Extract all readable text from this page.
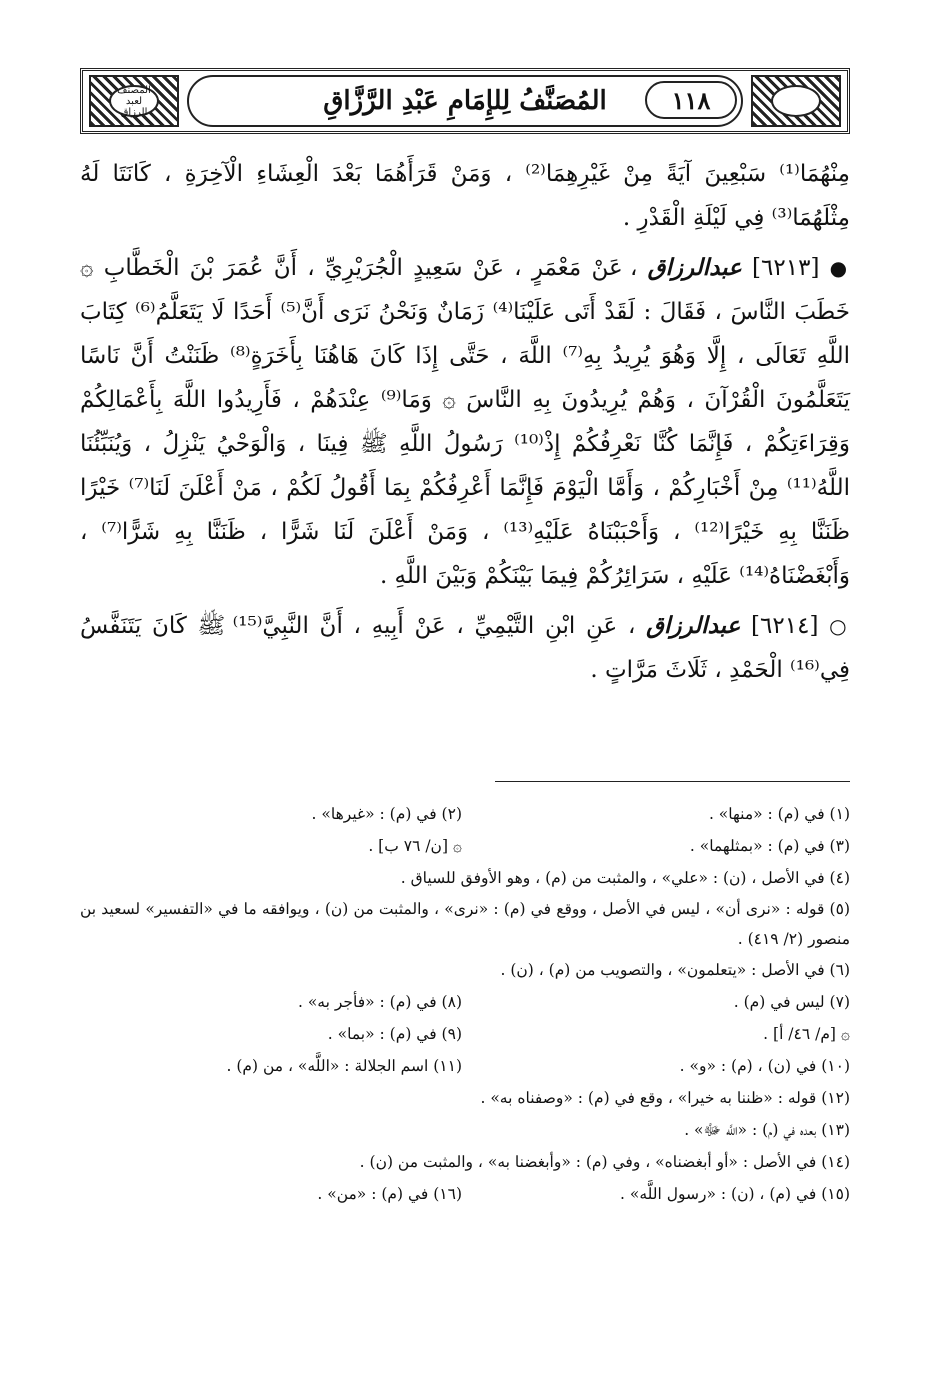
المُصَنَّفُ لِلإِمَامِ عَبْدِ الرَّزَّاقِ	١١٨
المصنف لعبد الرزاق

مِنْهُمَا⁽¹⁾ سَبْعِينَ آيَةً مِنْ غَيْرِهِمَا⁽²⁾ ، وَمَنْ قَرَأَهُمَا بَعْدَ الْعِشَاءِ الْآخِرَةِ ، كَانَتَا لَهُ مِثْلَهُمَا⁽³⁾ فِي لَيْلَةِ الْقَدْرِ .

● [٦٢١٣] عبدالرزاق ، عَنْ مَعْمَرٍ ، عَنْ سَعِيدٍ الْجُرَيْرِيِّ ، أَنَّ عُمَرَ بْنَ الْخَطَّابِ ۞ خَطَبَ النَّاسَ ، فَقَالَ : لَقَدْ أَتَى عَلَيْنَا⁽⁴⁾ زَمَانٌ وَنَحْنُ نَرَى أَنَّ⁽⁵⁾ أَحَدًا لَا يَتَعَلَّمُ⁽⁶⁾ كِتَابَ اللَّهِ تَعَالَى ، إِلَّا وَهُوَ يُرِيدُ بِهِ⁽⁷⁾ اللَّهَ ، حَتَّى إِذَا كَانَ هَاهُنَا بِأَخَرَةٍ⁽⁸⁾ ظَنَنْتُ أَنَّ نَاسًا يَتَعَلَّمُونَ الْقُرْآنَ ، وَهُمْ يُرِيدُونَ بِهِ النَّاسَ ۞ وَمَا⁽⁹⁾ عِنْدَهُمْ ، فَأَرِيدُوا اللَّهَ بِأَعْمَالِكُمْ وَقِرَاءَتِكُمْ ، فَإِنَّمَا كُنَّا نَعْرِفُكُمْ إِذْ⁽¹⁰⁾ رَسُولُ اللَّهِ ﷺ فِينَا ، وَالْوَحْيُ يَنْزِلُ ، وَيُنَبِّئُنَا اللَّهُ⁽¹¹⁾ مِنْ أَخْبَارِكُمْ ، وَأَمَّا الْيَوْمَ فَإِنَّمَا أَعْرِفُكُمْ بِمَا أَقُولُ لَكُمْ ، مَنْ أَعْلَنَ لَنَا⁽⁷⁾ خَيْرًا ظَنَنَّا بِهِ خَيْرًا⁽¹²⁾ ، وَأَحْبَبْنَاهُ عَلَيْهِ⁽¹³⁾ ، وَمَنْ أَعْلَنَ لَنَا شَرًّا ، ظَنَنَّا بِهِ شَرًّا⁽⁷⁾ ، وَأَبْغَضْنَاهُ⁽¹⁴⁾ عَلَيْهِ ، سَرَائِرُكُمْ فِيمَا بَيْنَكُمْ وَبَيْنَ اللَّهِ .

○ [٦٢١٤] عبدالرزاق ، عَنِ ابْنِ التَّيْمِيِّ ، عَنْ أَبِيهِ ، أَنَّ النَّبِيَّ⁽¹⁵⁾ ﷺ كَانَ يَتَنَفَّسُ فِي⁽¹⁶⁾ الْحَمْدِ ، ثَلَاثَ مَرَّاتٍ .

(١) في (م) : «منها» .
(٢) في (م) : «غيرها» .
(٣) في (م) : «بمثلهما» .
۞ [ن/ ٧٦ ب] .
(٤) في الأصل ، (ن) : «علي» ، والمثبت من (م) ، وهو الأوفق للسياق .
(٥) قوله : «نرى أن» ، ليس في الأصل ، ووقع في (م) : «نرى» ، والمثبت من (ن) ، ويوافقه ما في «التفسير» لسعيد بن منصور (٢/ ٤١٩) .
(٦) في الأصل : «يتعلمون» ، والتصويب من (م) ، (ن) .
(٧) ليس في (م) .
(٨) في (م) : «فأجر به» .
۞ [م/ ٤٦/ أ] .
(٩) في (م) : «بما» .
(١٠) في (ن) ، (م) : «و» .
(١١) اسم الجلالة : «اللَّه» ، من (م) .
(١٢) قوله : «ظننا به خيرا» ، وقع في (م) : «وصفناه به» .
(١٣) بعده في (م) : «اللَّه ﷻ» .
(١٤) في الأصل : «أو أبغضناه» ، وفي (م) : «وأبغضنا به» ، والمثبت من (ن) .
(١٥) في (م) ، (ن) : «رسول اللَّه» .
(١٦) في (م) : «من» .
